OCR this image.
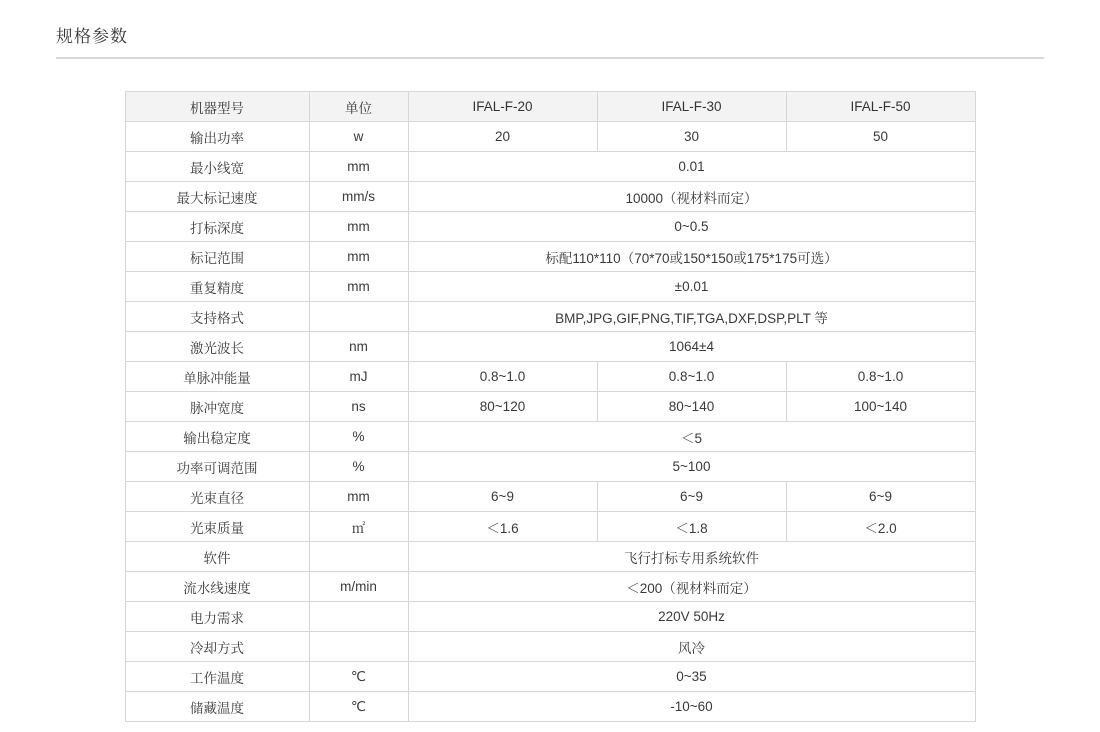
规格参数
机器型号	单位	IFAL-F-20	IFAL-F-30	IFAL-F-50
输出功率	w	20	30	50
最小线宽	mm	0.01		
最大标记速度	mm/s	10000（视材料而定）		
打标深度	mm	0~0.5		
标记范围	mm	标配110*110（70*70或150*150或175*175可选）		
重复精度	mm	±0.01		
支持格式		BMP,JPG,GIF,PNG,TIF,TGA,DXF,DSP,PLT 等		
激光波长	nm	1064±4		
单脉冲能量	mJ	0.8~1.0	0.8~1.0	0.8~1.0
脉冲宽度	ns	80~120	80~140	100~140
输出稳定度	%	＜5		
功率可调范围	%	5~100		
光束直径	mm	6~9	6~9	6~9
光束质量	㎡	＜1.6	＜1.8	＜2.0
软件		飞行打标专用系统软件		
流水线速度	m/min	＜200（视材料而定）		
电力需求		220V 50Hz		
冷却方式		风冷		
工作温度	℃	0~35		
储藏温度	℃	-10~60		
